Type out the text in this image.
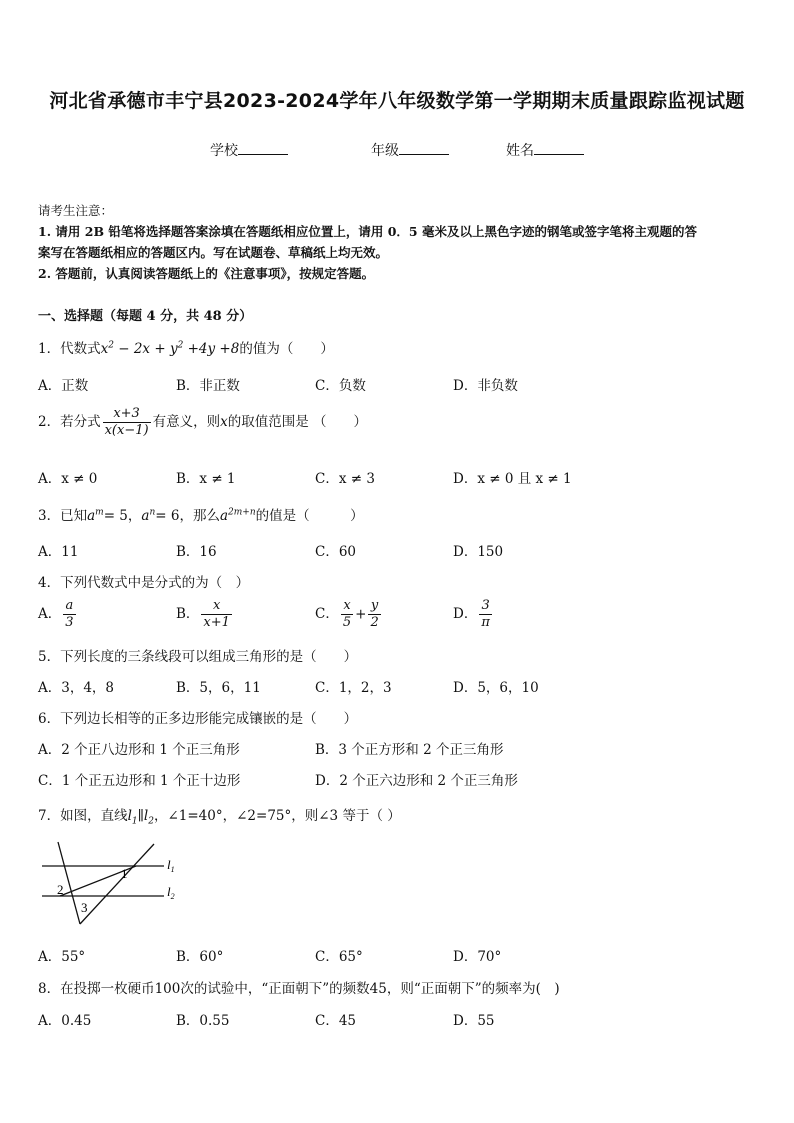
河北省承德市丰宁县2023-2024学年八年级数学第一学期期末质量跟踪监视试题
学校	年级	姓名
请考生注意：
1. 请用 2B 铅笔将选择题答案涂填在答题纸相应位置上，请用 0．5 毫米及以上黑色字迹的钢笔或签字笔将主观题的答
案写在答题纸相应的答题区内。写在试题卷、草稿纸上均无效。
2. 答题前，认真阅读答题纸上的《注意事项》，按规定答题。
一、选择题（每题 4 分，共 48 分）
1．代数式$x^2 - 2x + y^2 +4y +8$的值为（　　）
A．正数	B．非正数	C．负数	D．非负数
2．若分式 $\frac{x+3}{x(x-1)}$ 有意义，则x的取值范围是 （　　）
A．x ≠ 0	B．x ≠ 1	C．x ≠ 3	D．x ≠ 0 且 x ≠ 1
3．已知$a^m= 5$，$a^n= 6$，那么$a^{2m+n}$的值是（　　　）
A．11	B．16	C．60	D．150
4．下列代数式中是分式的为（　）
A． $\frac{a}{3}$	B． $\frac{x}{x+1}$	C． $\frac{x}{5} + \frac{y}{2}$	D． $\frac{3}{\pi}$
5．下列长度的三条线段可以组成三角形的是（　　）
A．3，4，8	B．5，6，11	C．1，2，3	D．5，6，10
6．下列边长相等的正多边形能完成镶嵌的是（　　）
A．2 个正八边形和 1 个正三角形	B．3 个正方形和 2 个正三角形
C．1 个正五边形和 1 个正十边形	D．2 个正六边形和 2 个正三角形
7．如图，直线$l_1\parallel l_2$，∠1=40°，∠2=75°，则∠3 等于（ ）
1
2
3
$l_1$
$l_2$
A．55°	B．60°	C．65°	D．70°
8．在投掷一枚硬币100次的试验中，“正面朝下”的频数45，则“正面朝下”的频率为(　)
A．0.45	B．0.55	C．45	D．55
